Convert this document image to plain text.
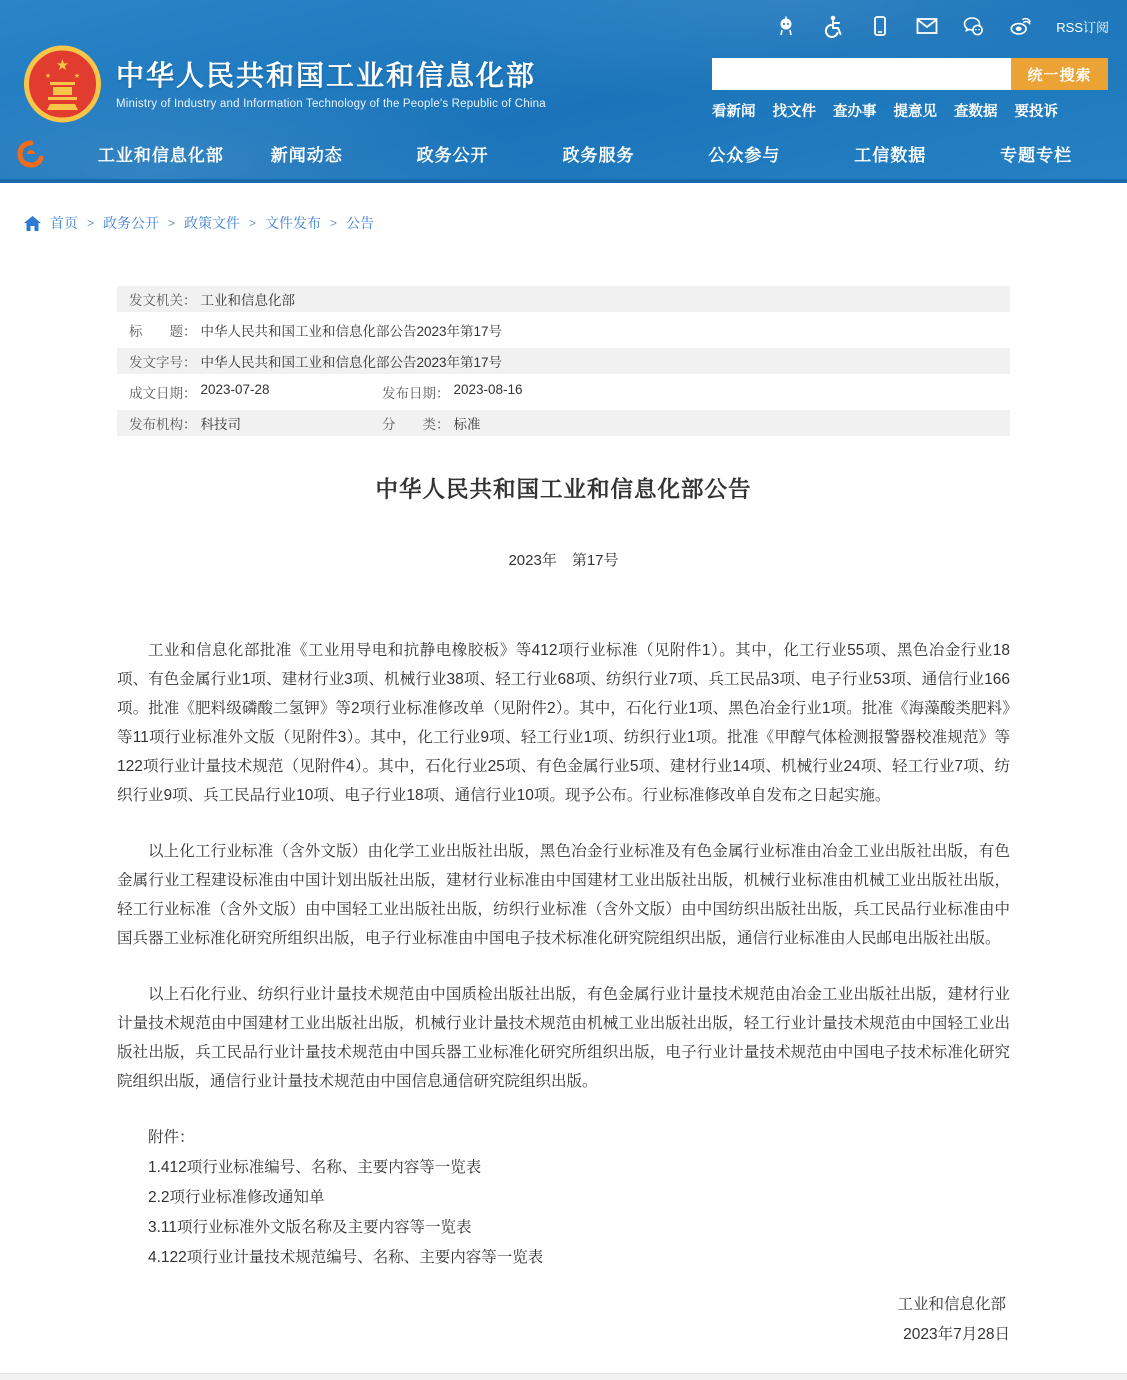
RSS订阅
★
★	★ 中华人民共和国工业和信息化部
Ministry of Industry and Information Technology of the People's Republic of China
统一搜索
看新闻 找文件 查办事 提意见 查数据 要投诉
工业和信息化部	新闻动态	政务公开	政务服务	公众参与	工信数据	专题专栏
首页 > 政务公开 > 政策文件 > 文件发布 > 公告
发文机关： 工业和信息化部
标　　题： 中华人民共和国工业和信息化部公告2023年第17号
发文字号： 中华人民共和国工业和信息化部公告2023年第17号
成文日期： 2023-07-28	发布日期： 2023-08-16
发布机构： 科技司	分　　类： 标准
中华人民共和国工业和信息化部公告
2023年　第17号

工业和信息化部批准《工业用导电和抗静电橡胶板》等412项行业标准（见附件1）。其中，化工行业55项、黑色冶金行业18项、有色金属行业1项、建材行业3项、机械行业38项、轻工行业68项、纺织行业7项、兵工民品3项、电子行业53项、通信行业166项。批准《肥料级磷酸二氢钾》等2项行业标准修改单（见附件2）。其中，石化行业1项、黑色冶金行业1项。批准《海藻酸类肥料》等11项行业标准外文版（见附件3）。其中，化工行业9项、轻工行业1项、纺织行业1项。批准《甲醇气体检测报警器校准规范》等122项行业计量技术规范（见附件4）。其中，石化行业25项、有色金属行业5项、建材行业14项、机械行业24项、轻工行业7项、纺织行业9项、兵工民品行业10项、电子行业18项、通信行业10项。现予公布。行业标准修改单自发布之日起实施。

以上化工行业标准（含外文版）由化学工业出版社出版，黑色冶金行业标准及有色金属行业标准由冶金工业出版社出版，有色金属行业工程建设标准由中国计划出版社出版，建材行业标准由中国建材工业出版社出版，机械行业标准由机械工业出版社出版，轻工行业标准（含外文版）由中国轻工业出版社出版，纺织行业标准（含外文版）由中国纺织出版社出版，兵工民品行业标准由中国兵器工业标准化研究所组织出版，电子行业标准由中国电子技术标准化研究院组织出版，通信行业标准由人民邮电出版社出版。

以上石化行业、纺织行业计量技术规范由中国质检出版社出版，有色金属行业计量技术规范由冶金工业出版社出版，建材行业计量技术规范由中国建材工业出版社出版，机械行业计量技术规范由机械工业出版社出版，轻工行业计量技术规范由中国轻工业出版社出版，兵工民品行业计量技术规范由中国兵器工业标准化研究所组织出版，电子行业计量技术规范由中国电子技术标准化研究院组织出版，通信行业计量技术规范由中国信息通信研究院组织出版。

附件：
1.412项行业标准编号、名称、主要内容等一览表
2.2项行业标准修改通知单
3.11项行业标准外文版名称及主要内容等一览表
4.122项行业计量技术规范编号、名称、主要内容等一览表
工业和信息化部
2023年7月28日
